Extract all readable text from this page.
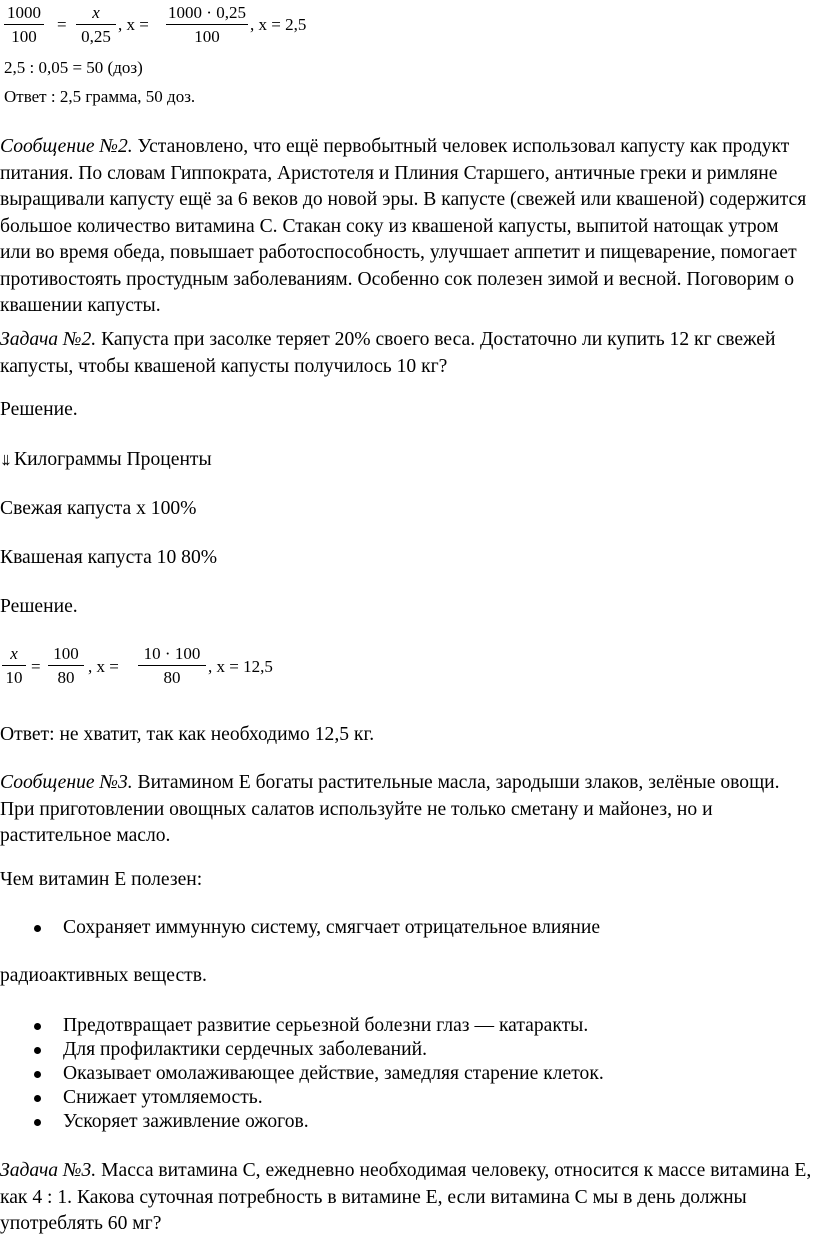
1000
100
=
x
0,25
, x =
1000 · 0,25
100
, x = 2,5
2,5 : 0,05 = 50 (доз)
Ответ : 2,5 грамма, 50 доз.

Сообщение №2. Установлено, что ещё первобытный человек использовал капусту как продукт питания. По словам Гиппократа, Аристотеля и Плиния Старшего, античные греки и римляне выращивали капусту ещё за 6 веков до новой эры. В капусте (свежей или квашеной) содержится большое количество витамина С. Стакан соку из квашеной капусты, выпитой натощак утром или во время обеда, повышает работоспособность, улучшает аппетит и пищеварение, помогает противостоять простудным заболеваниям. Особенно сок полезен зимой и весной. Поговорим о квашении капусты.

Задача №2. Капуста при засолке теряет 20% своего веса. Достаточно ли купить 12 кг свежей капусты, чтобы квашеной капусты получилось 10 кг?

Решение.

↓↓ Килограммы Проценты

Свежая капуста х 100%

Квашеная капуста 10 80%

Решение.

x
10
=
100
80
, x =
10 · 100
80
, x = 12,5

Ответ: не хватит, так как необходимо 12,5 кг.

Сообщение №3. Витамином Е богаты растительные масла, зародыши злаков, зелёные овощи. При приготовлении овощных салатов используйте не только сметану и майонез, но и растительное масло.

Чем витамин Е полезен:

Сохраняет иммунную систему, смягчает отрицательное влияние

радиоактивных веществ.

Предотвращает развитие серьезной болезни глаз — катаракты.
Для профилактики сердечных заболеваний.
Оказывает омолаживающее действие, замедляя старение клеток.
Снижает утомляемость.
Ускоряет заживление ожогов.

Задача №3. Масса витамина С, ежедневно необходимая человеку, относится к массе витамина Е, как 4 : 1. Какова суточная потребность в витамине Е, если витамина С мы в день должны употреблять 60 мг?
